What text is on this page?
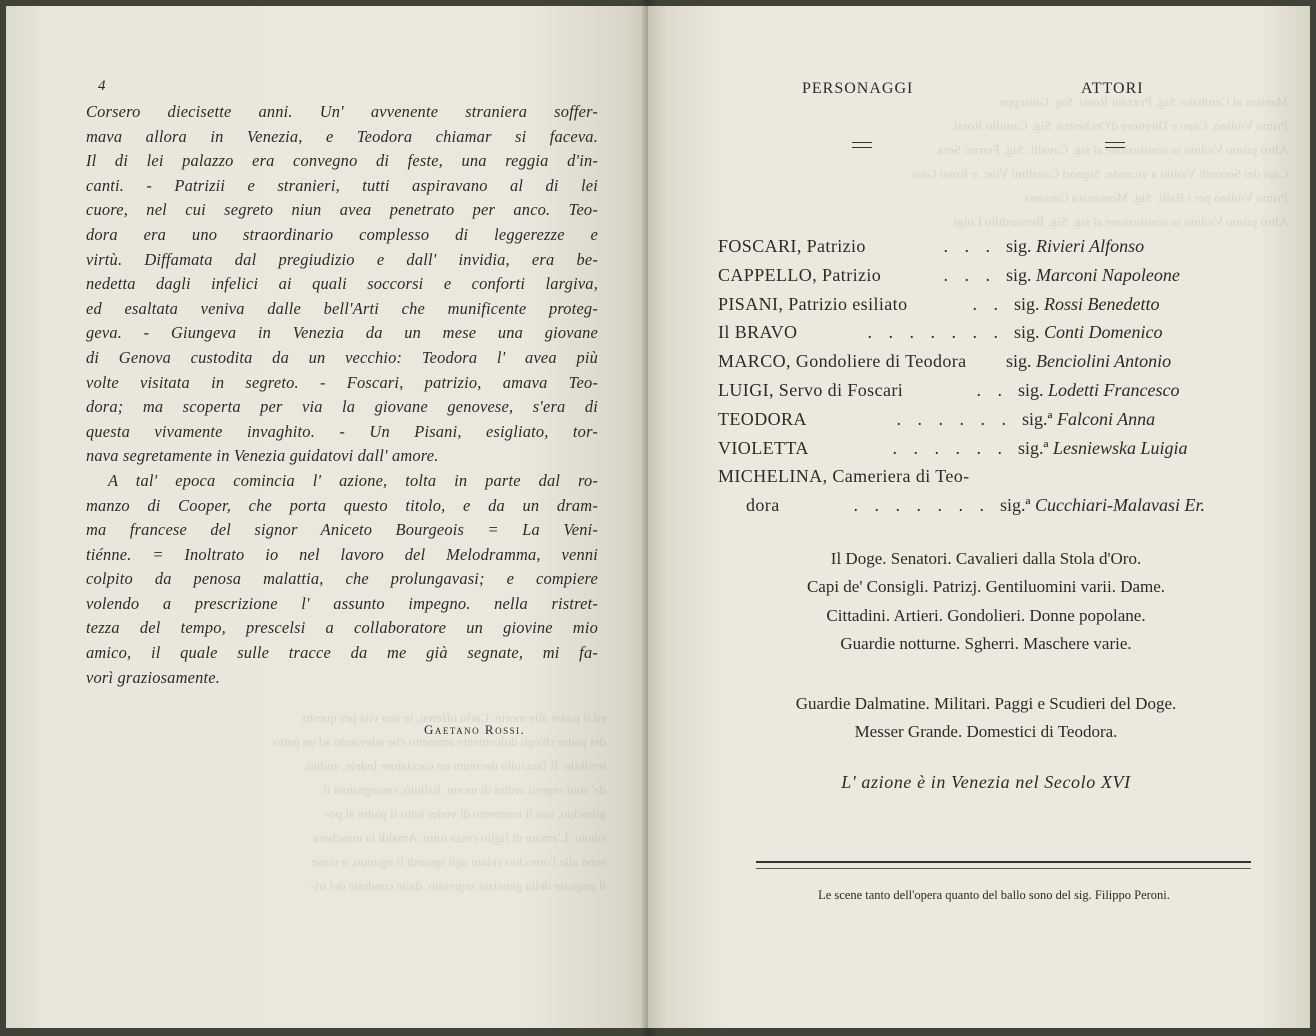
ed il padre alle morte. Carlo offeren, le suo vita per questo
del padre ch'egli dulcemente ammetto che adevando ad un patto
terribile. Il fanciullo decreum un cacciatore fedele, andito,
de' suoi segreti ordini di morte. Rifiutò, rassegnatosi il
ginochio, suo il momento di veder tutto il padre al po-
ribolo. L'amore di figlio cessa tutto. Amaldi la maschera
sono alle l'orecchio celato agli sguardi il ogunuo, e cinse
il pugnale della giustizia segretaio, dalle condotte del tri-
4

Corsero diecisette anni. Un' avvenente straniera soffer-
mava allora in Venezia, e Teodora chiamar si faceva.
Il di lei palazzo era convegno di feste, una reggia d'in-
canti. - Patrizii e stranieri, tutti aspiravano al di lei
cuore, nel cui segreto niun avea penetrato per anco. Teo-
dora era uno straordinario complesso di leggerezze e
virtù. Diffamata dal pregiudizio e dall' invidia, era be-
nedetta dagli infelici ai quali soccorsi e conforti largiva,
ed esaltata veniva dalle bell'Arti che munificente proteg-
geva. - Giungeva in Venezia da un mese una giovane
di Genova custodita da un vecchio: Teodora l' avea più
volte visitata in segreto. - Foscari, patrizio, amava Teo-
dora; ma scoperta per via la giovane genovese, s'era di
questa vivamente invaghito. - Un Pisani, esigliato, tor-
nava segretamente in Venezia guidatovi dall' amore.

A tal' epoca comincia l' azione, tolta in parte dal ro-
manzo di Cooper, che porta questo titolo, e da un dram-
ma francese del signor Aniceto Bourgeois = La Veni-
tiénne. = Inoltrato io nel lavoro del Melodramma, venni
colpito da penosa malattia, che prolungavasi; e compiere
volendo a prescrizione l' assunto impegno. nella ristret-
tezza del tempo, prescelsi a collaboratore un giovine mio
amico, il quale sulle tracce da me già segnate, mi fa-
vorì graziosamente.

Gaetano Rossi.
Maestro al Cembalo: Sig. Pezzani Rossi. Sig. Giuseppe
Primo Violino, Capo e Direttore d'Orchestra: Sig. Camillo Rossi
Altro primo Violino in sostituzione al sig. Cavalli: Sig. Ferrari Sera
Capi dei Secondi Violini a vicenda: Signori Cavallini Vinc. e Rossi Gius.
Primo Violino per i Balli: Sig. Montanara Gaetano
Altro primo Violino in sostituzione al sig. Sig. Bernardillo Luigi
PERSONAGGI	ATTORI
FOSCARI, Patrizio	. . . sig. Rivieri Alfonso
CAPPELLO, Patrizio	. . . sig. Marconi Napoleone
PISANI, Patrizio esiliato	. . sig. Rossi Benedetto
Il BRAVO	. . . . . . . sig. Conti Domenico
MARCO, Gondoliere di Teodora sig. Benciolini Antonio
LUIGI, Servo di Foscari	. . sig. Lodetti Francesco
TEODORA	. . . . . . sig.ª Falconi Anna
VIOLETTA	. . . . . . sig.ª Lesniewska Luigia
MICHELINA, Cameriera di Teo-
dora	. . . . . . . sig.ª Cucchiari-Malavasi Er.
Il Doge. Senatori. Cavalieri dalla Stola d'Oro.
Capi de' Consigli. Patrizj. Gentiluomini varii. Dame.
Cittadini. Artieri. Gondolieri. Donne popolane.
Guardie notturne. Sgherri. Maschere varie.
Guardie Dalmatine. Militari. Paggi e Scudieri del Doge.
Messer Grande. Domestici di Teodora.
L' azione è in Venezia nel Secolo XVI
Le scene tanto dell'opera quanto del ballo sono del sig. Filippo Peroni.
